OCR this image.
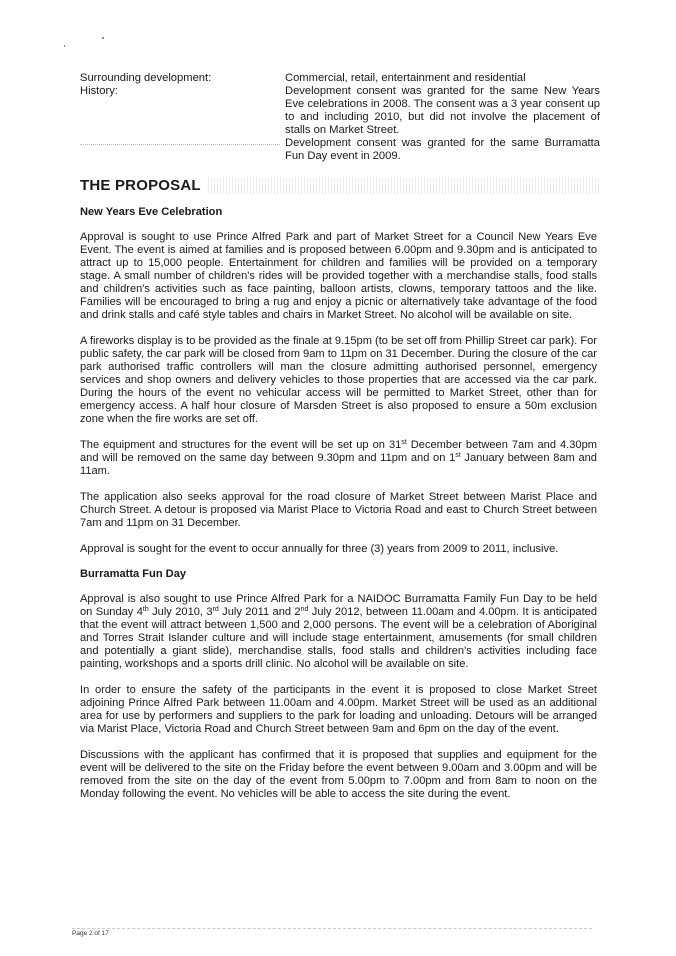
Surrounding development:	Commercial, retail, entertainment and residential

History:	Development consent was granted for the same New Years Eve celebrations in 2008. The consent was a 3 year consent up to and including 2010, but did not involve the placement of stalls on Market Street.

Development consent was granted for the same Burramatta Fun Day event in 2009.

THE PROPOSAL
New Years Eve Celebration

Approval is sought to use Prince Alfred Park and part of Market Street for a Council New Years Eve Event. The event is aimed at families and is proposed between 6.00pm and 9.30pm and is anticipated to attract up to 15,000 people. Entertainment for children and families will be provided on a temporary stage. A small number of children's rides will be provided together with a merchandise stalls, food stalls and children's activities such as face painting, balloon artists, clowns, temporary tattoos and the like. Families will be encouraged to bring a rug and enjoy a picnic or alternatively take advantage of the food and drink stalls and café style tables and chairs in Market Street. No alcohol will be available on site.

A fireworks display is to be provided as the finale at 9.15pm (to be set off from Phillip Street car park). For public safety, the car park will be closed from 9am to 11pm on 31 December. During the closure of the car park authorised traffic controllers will man the closure admitting authorised personnel, emergency services and shop owners and delivery vehicles to those properties that are accessed via the car park. During the hours of the event no vehicular access will be permitted to Market Street, other than for emergency access. A half hour closure of Marsden Street is also proposed to ensure a 50m exclusion zone when the fire works are set off.

The equipment and structures for the event will be set up on 31st December between 7am and 4.30pm and will be removed on the same day between 9.30pm and 11pm and on 1st January between 8am and 11am.

The application also seeks approval for the road closure of Market Street between Marist Place and Church Street. A detour is proposed via Marist Place to Victoria Road and east to Church Street between 7am and 11pm on 31 December.

Approval is sought for the event to occur annually for three (3) years from 2009 to 2011, inclusive.

Burramatta Fun Day

Approval is also sought to use Prince Alfred Park for a NAIDOC Burramatta Family Fun Day to be held on Sunday 4th July 2010, 3rd July 2011 and 2nd July 2012, between 11.00am and 4.00pm. It is anticipated that the event will attract between 1,500 and 2,000 persons. The event will be a celebration of Aboriginal and Torres Strait Islander culture and will include stage entertainment, amusements (for small children and potentially a giant slide), merchandise stalls, food stalls and children's activities including face painting, workshops and a sports drill clinic. No alcohol will be available on site.

In order to ensure the safety of the participants in the event it is proposed to close Market Street adjoining Prince Alfred Park between 11.00am and 4.00pm. Market Street will be used as an additional area for use by performers and suppliers to the park for loading and unloading. Detours will be arranged via Marist Place, Victoria Road and Church Street between 9am and 6pm on the day of the event.

Discussions with the applicant has confirmed that it is proposed that supplies and equipment for the event will be delivered to the site on the Friday before the event between 9.00am and 3.00pm and will be removed from the site on the day of the event from 5.00pm to 7.00pm and from 8am to noon on the Monday following the event. No vehicles will be able to access the site during the event.

Page 2 of 17
